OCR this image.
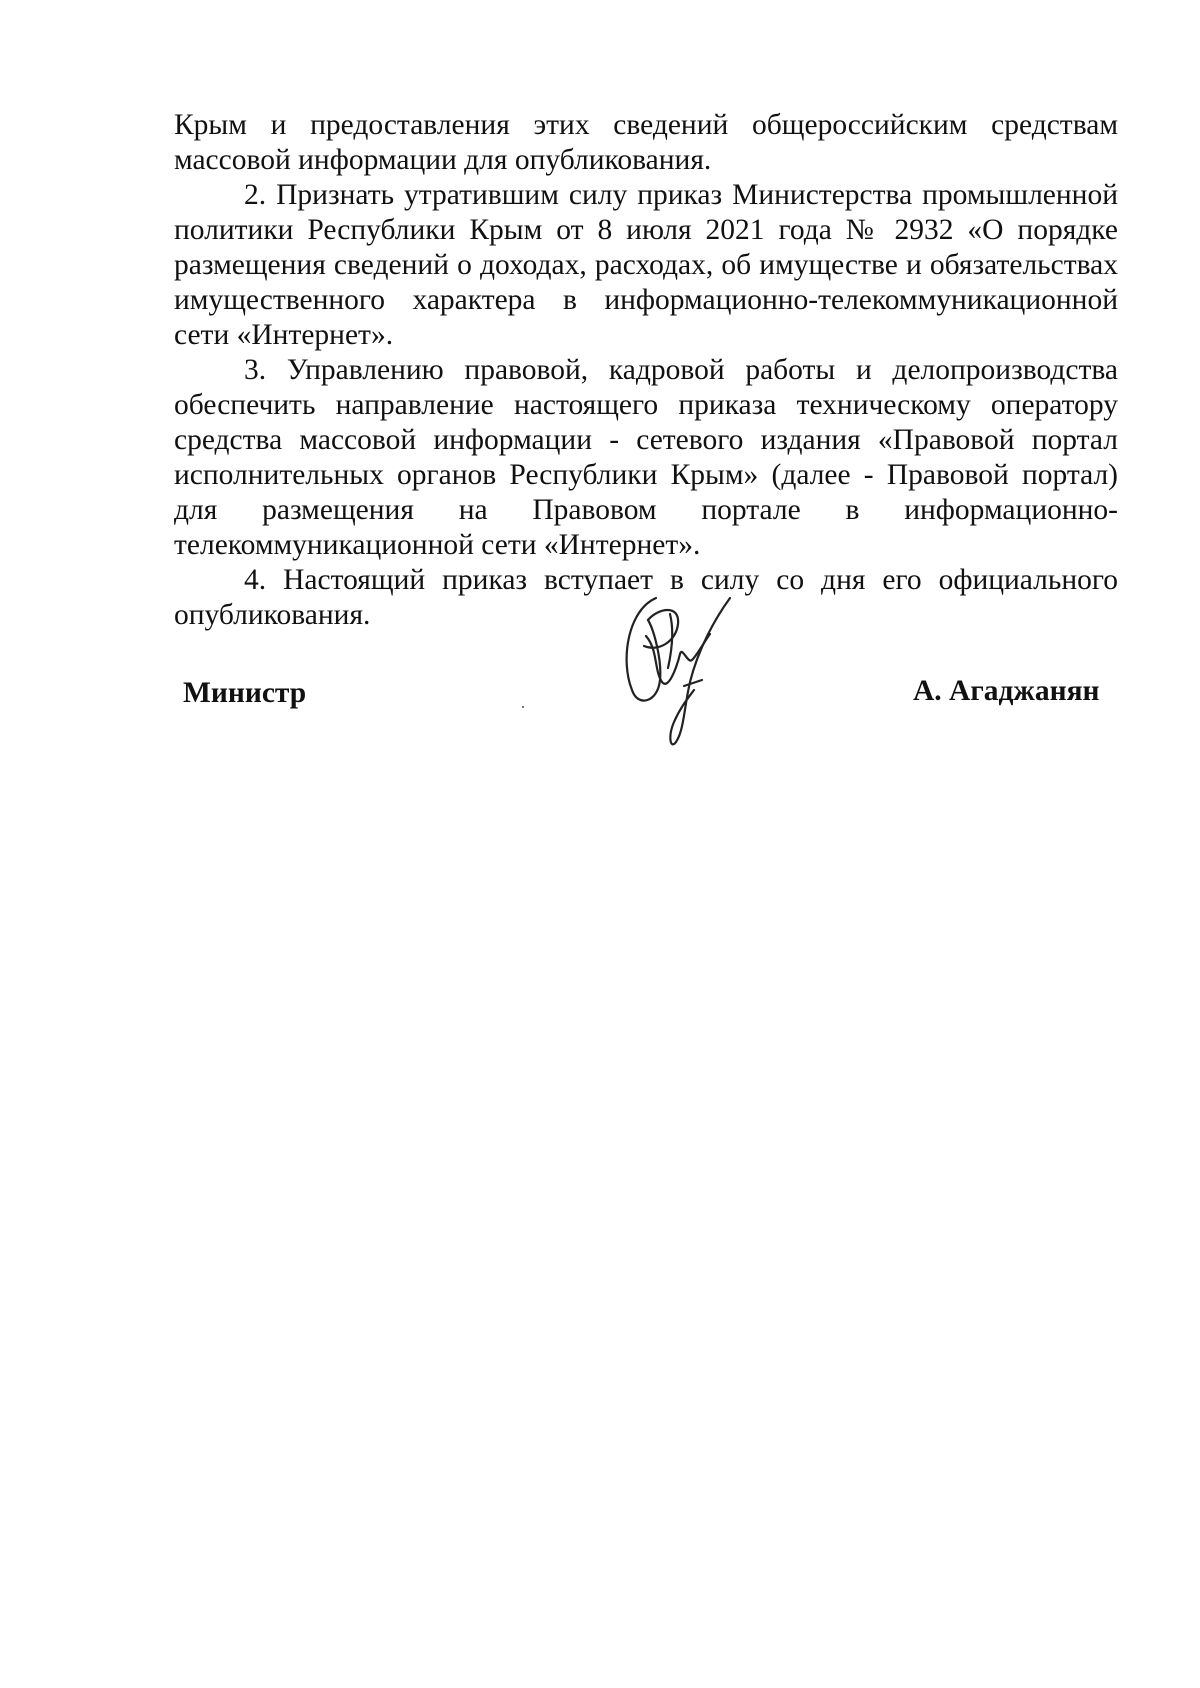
Крым и предоставления этих сведений общероссийским средствам массовой информации для опубликования.

2. Признать утратившим силу приказ Министерства промышленной политики Республики Крым от 8 июля 2021 года № 2932 «О порядке размещения сведений о доходах, расходах, об имуществе и обязательствах имущественного характера в информационно-телекоммуникационной сети «Интернет».

3. Управлению правовой, кадровой работы и делопроизводства обеспечить направление настоящего приказа техническому оператору средства массовой информации - сетевого издания «Правовой портал исполнительных органов Республики Крым» (далее - Правовой портал) для размещения на Правовом портале в информационно-телекоммуникационной сети «Интернет».

4. Настоящий приказ вступает в силу со дня его официального опубликования.

Министр	А. Агаджанян
